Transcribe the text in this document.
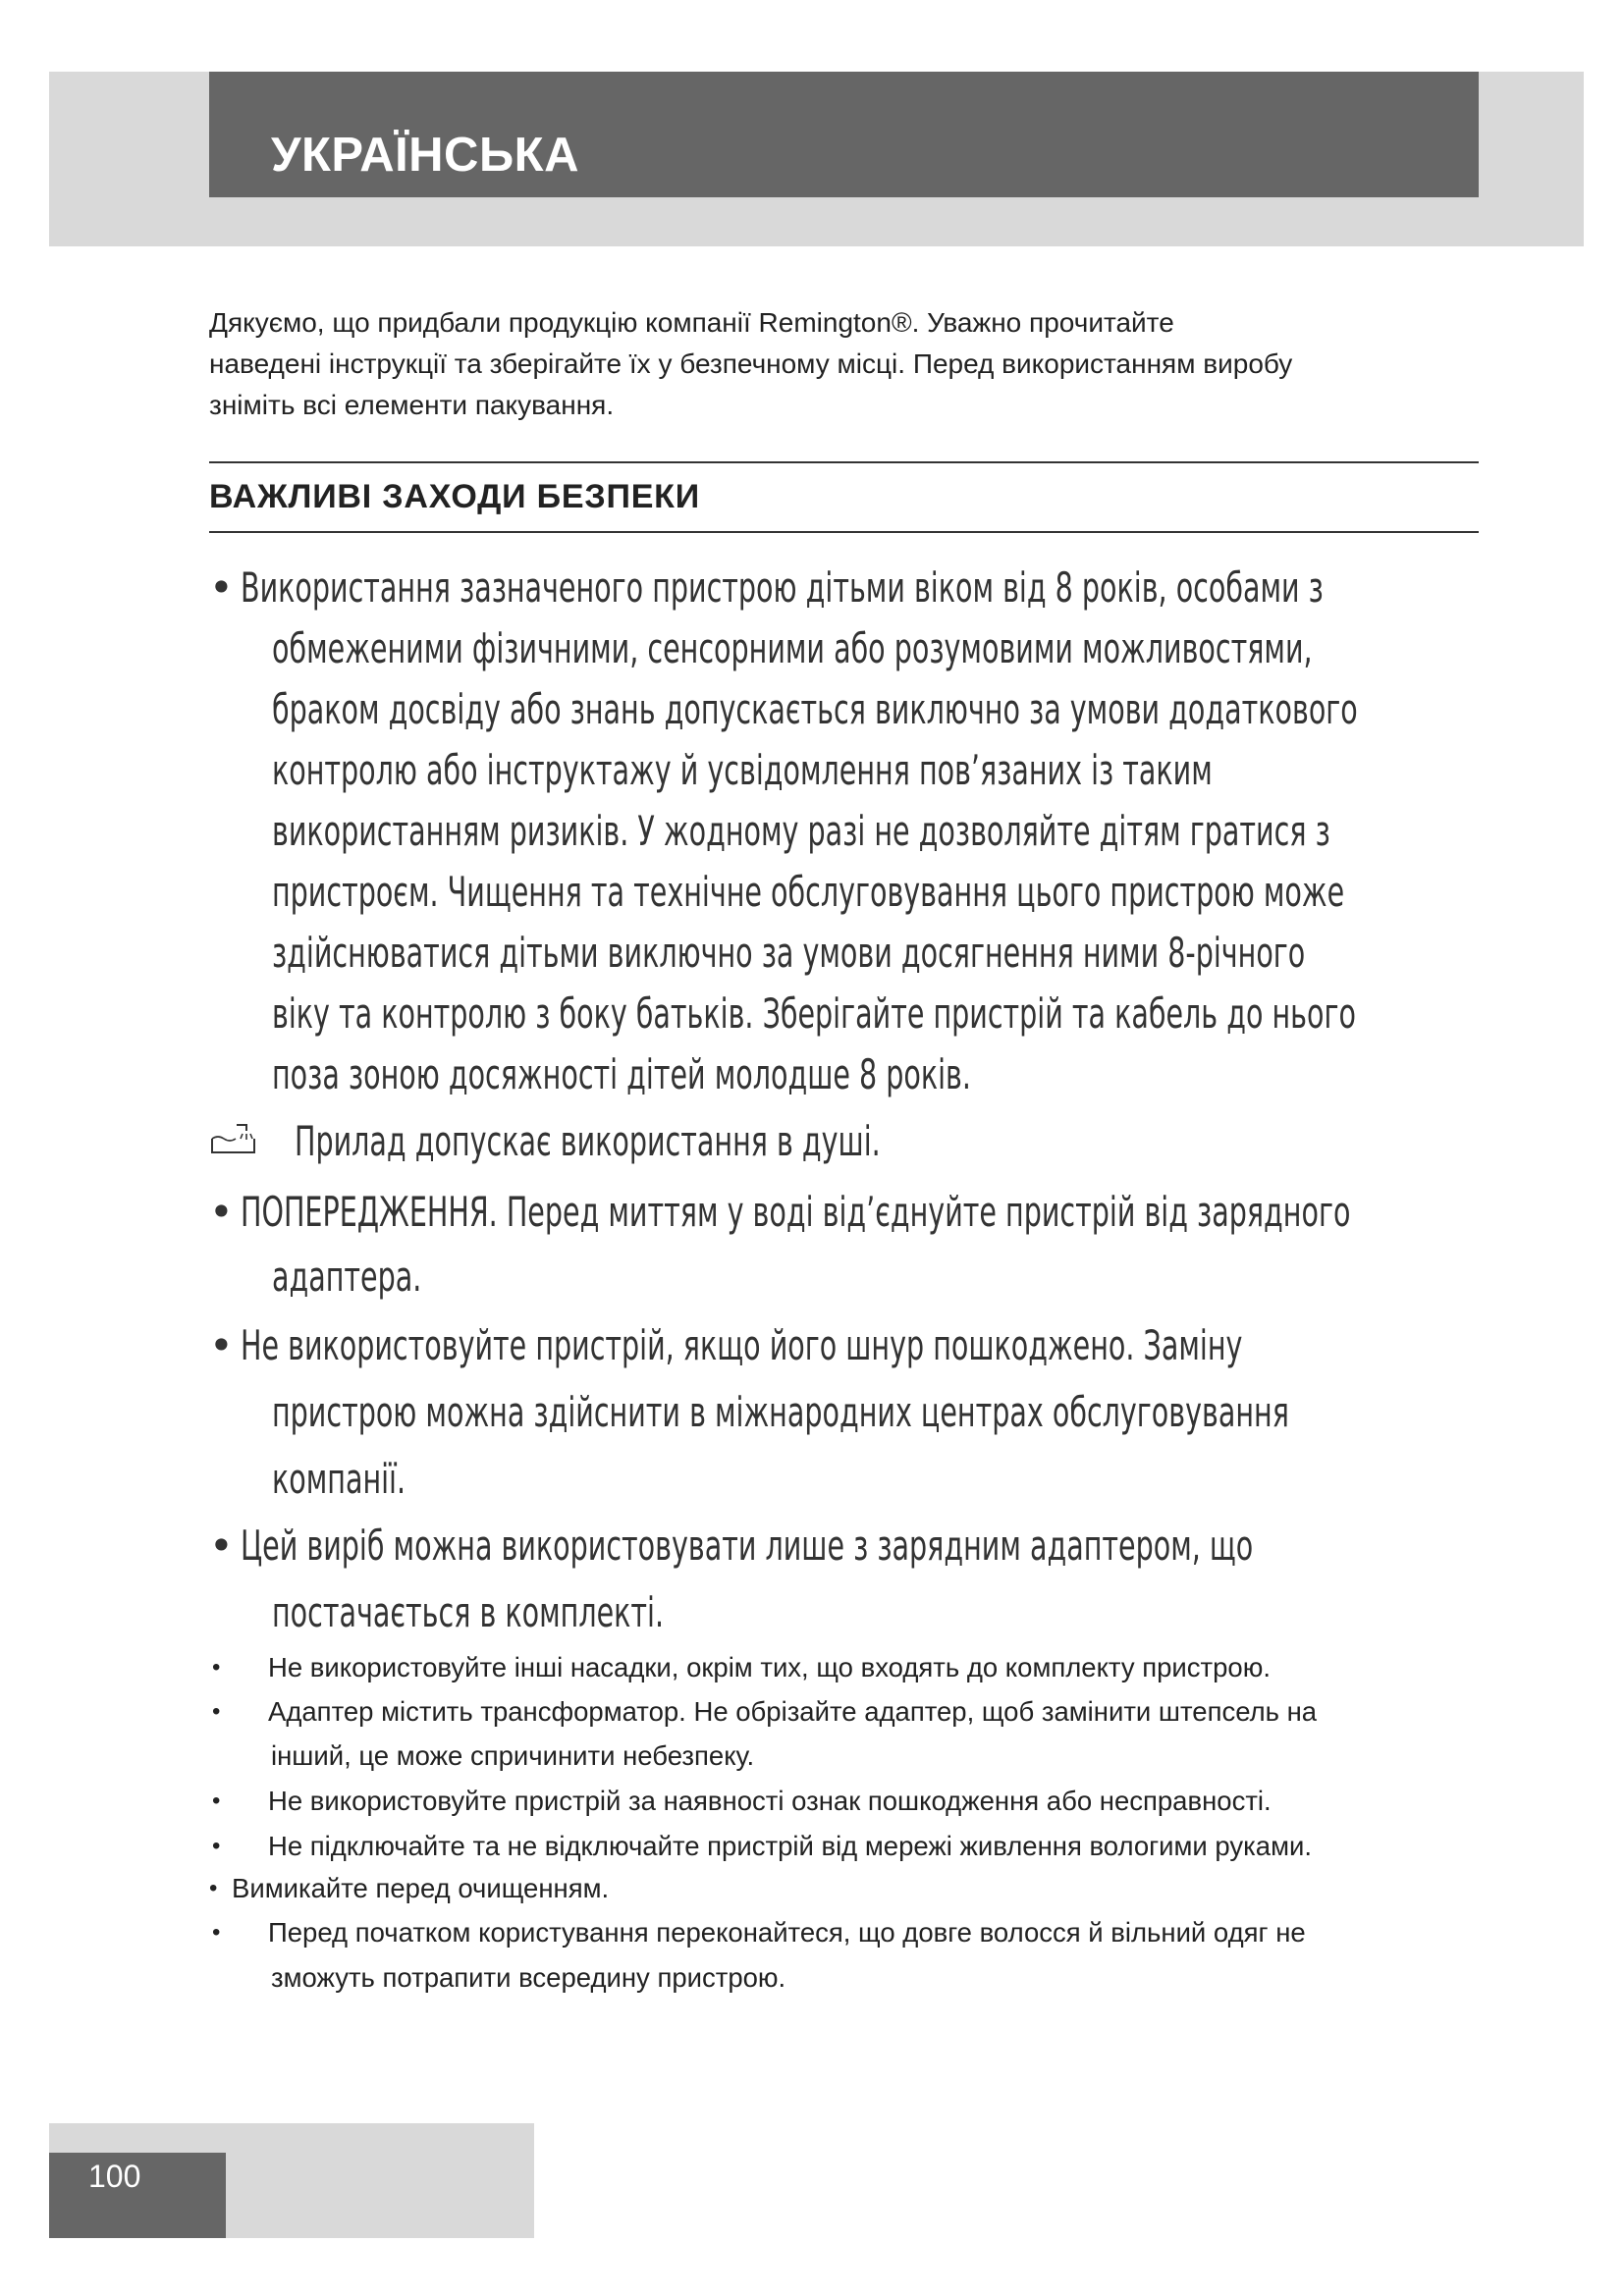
УКРАЇНСЬКА
Дякуємо, що придбали продукцію компанії Remington®. Уважно прочитайте
наведені інструкції та зберігайте їх у безпечному місці. Перед використанням виробу
зніміть всі елементи пакування.
ВАЖЛИВІ ЗАХОДИ БЕЗПЕКИ
• Використання зазначеного пристрою дітьми віком від 8 років, особами з
обмеженими фізичними, сенсорними або розумовими можливостями,
браком досвіду або знань допускається виключно за умови додаткового
контролю або інструктажу й усвідомлення пов’язаних із таким
використанням ризиків. У жодному разі не дозволяйте дітям гратися з
пристроєм. Чищення та технічне обслуговування цього пристрою може
здійснюватися дітьми виключно за умови досягнення ними 8-річного
віку та контролю з боку батьків. Зберігайте пристрій та кабель до нього
поза зоною досяжності дітей молодше 8 років.
Прилад допускає використання в душі.
• ПОПЕРЕДЖЕННЯ. Перед миттям у воді від’єднуйте пристрій від зарядного
адаптера.
• Не використовуйте пристрій, якщо його шнур пошкоджено. Заміну
пристрою можна здійснити в міжнародних центрах обслуговування
компанії.
• Цей виріб можна використовувати лише з зарядним адаптером, що
постачається в комплекті.
• Не використовуйте інші насадки, окрім тих, що входять до комплекту пристрою.
• Адаптер містить трансформатор. Не обрізайте адаптер, щоб замінити штепсель на
інший, це може спричинити небезпеку.
• Не використовуйте пристрій за наявності ознак пошкодження або несправності.
• Не підключайте та не відключайте пристрій від мережі живлення вологими руками.
• Вимикайте перед очищенням.
• Перед початком користування переконайтеся, що довге волосся й вільний одяг не
зможуть потрапити всередину пристрою.
100
